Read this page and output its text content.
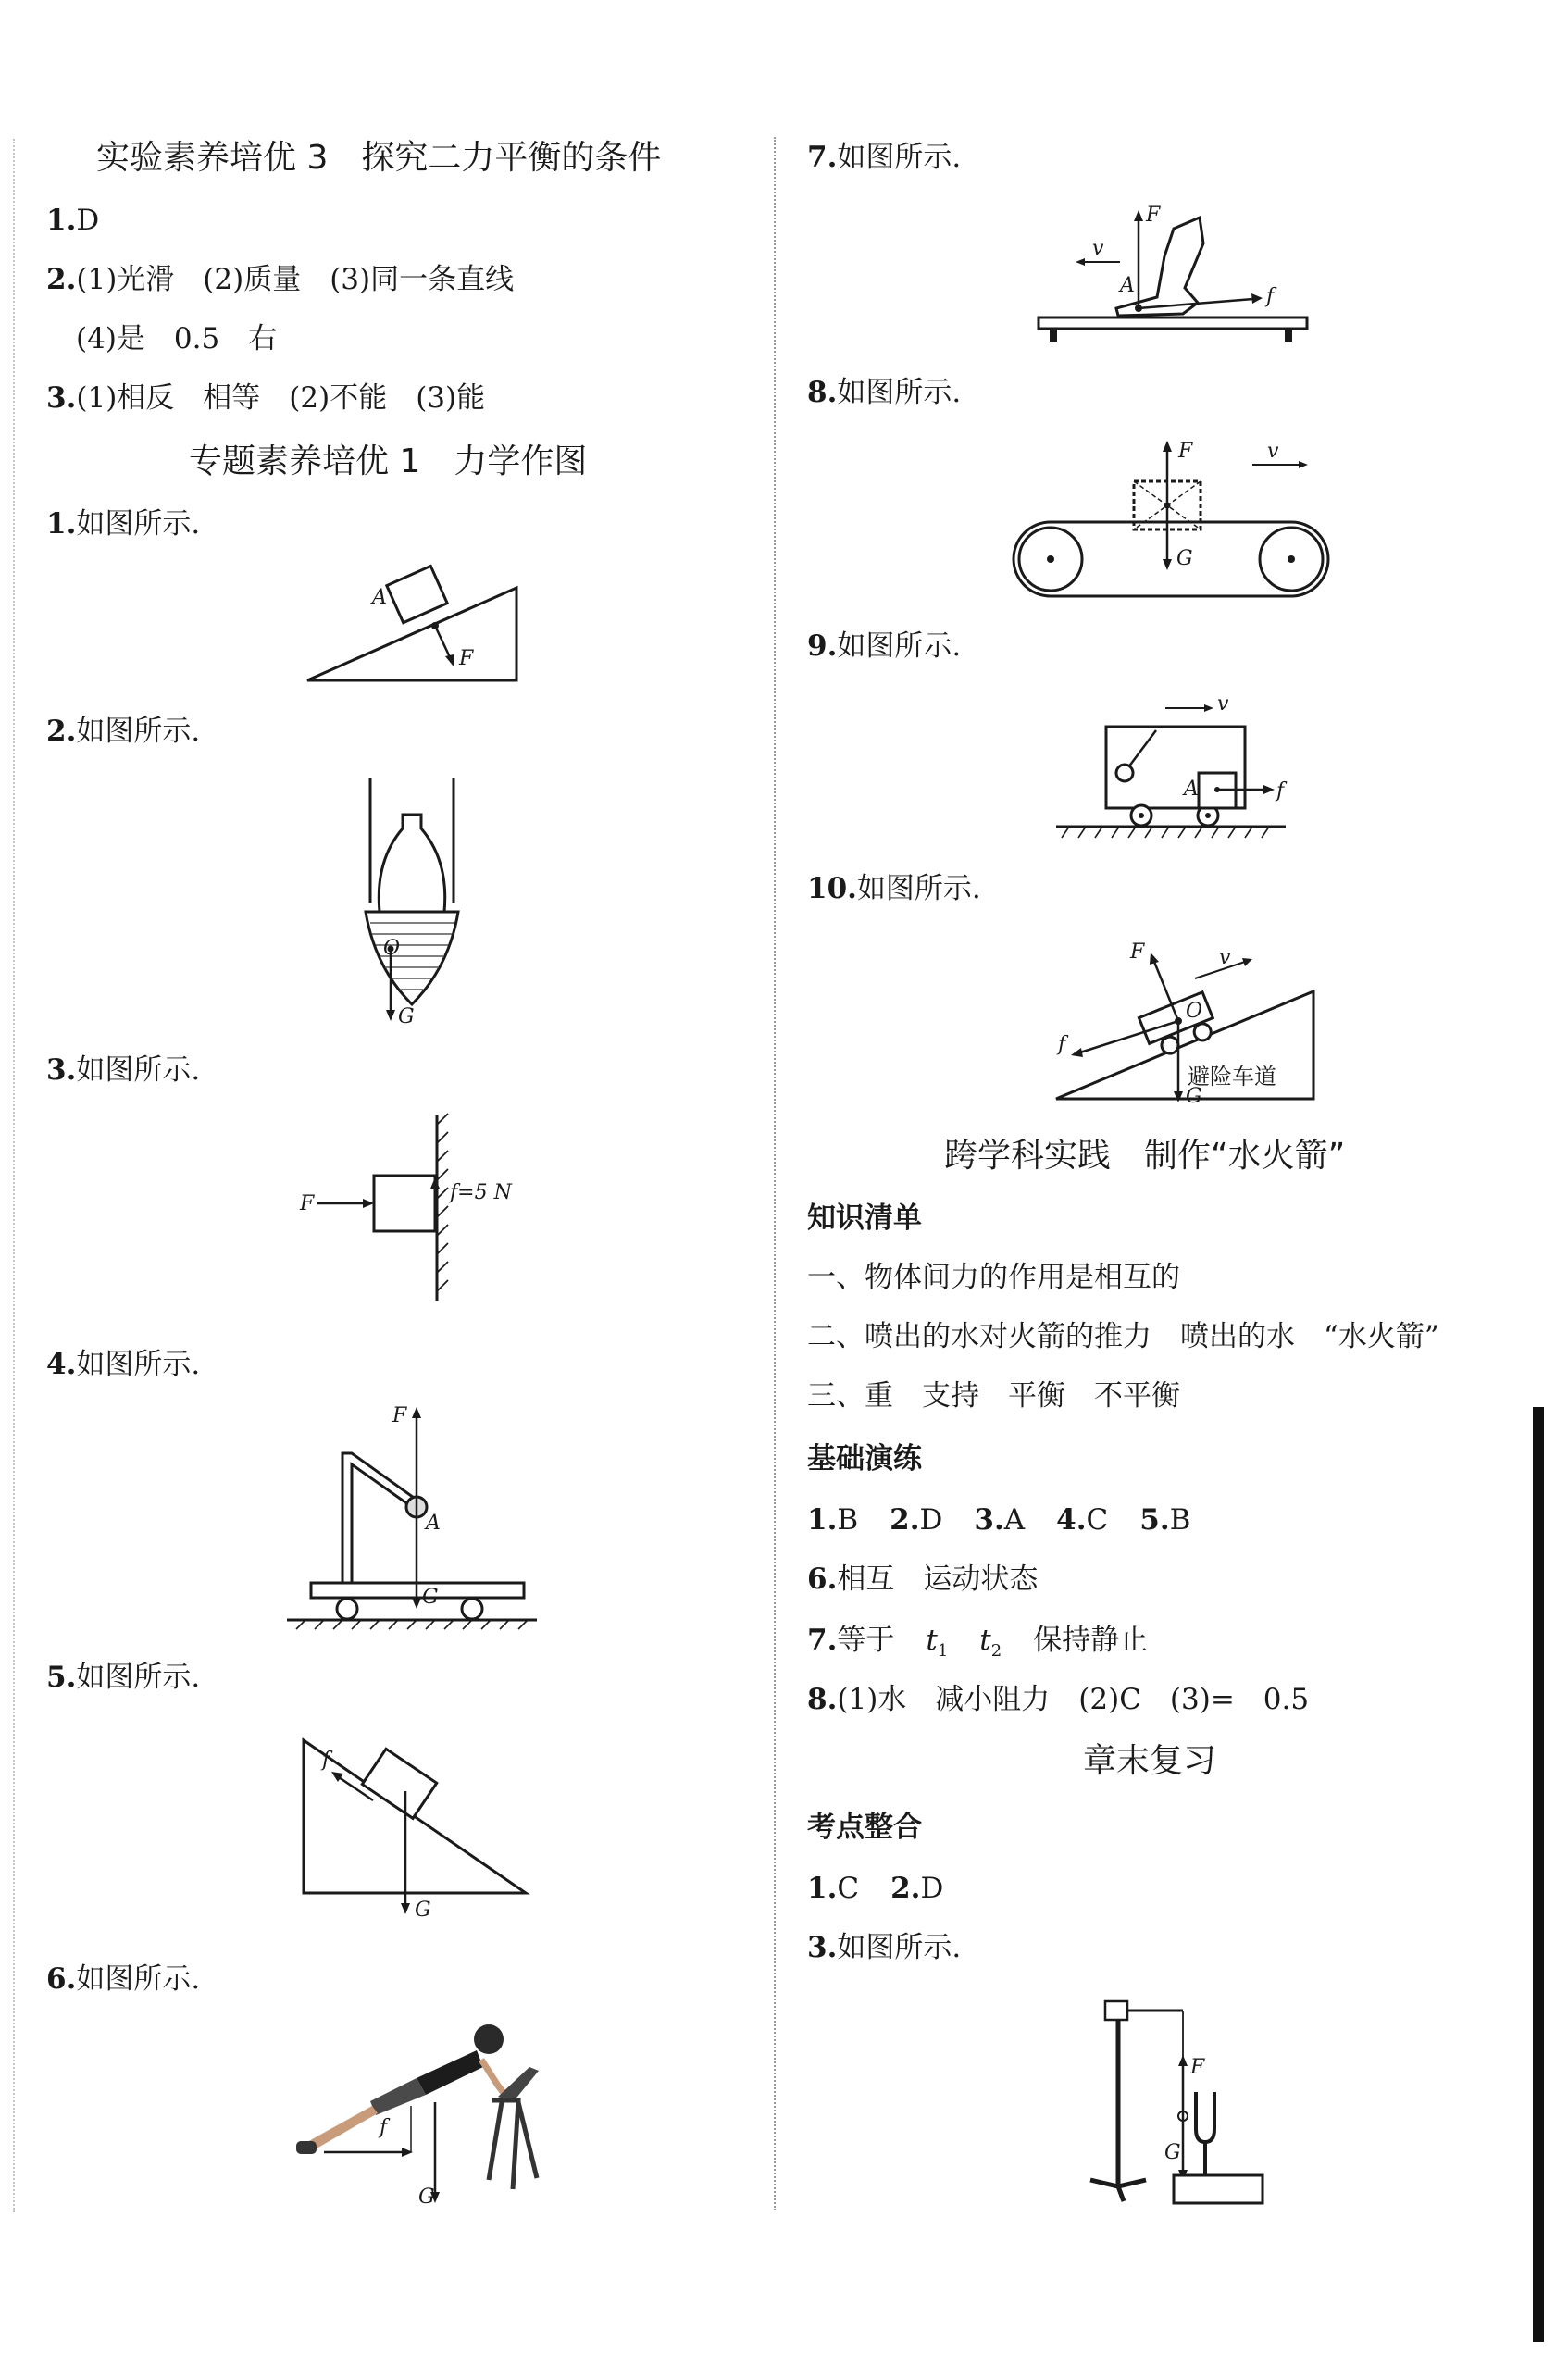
实验素养培优 3　探究二力平衡的条件
1.D
2.(1)光滑　(2)质量　(3)同一条直线
(4)是　0.5　右
3.(1)相反　相等　(2)不能　(3)能
专题素养培优 1　力学作图
1.如图所示.
2.如图所示.
3.如图所示.
4.如图所示.
5.如图所示.
6.如图所示.
A
F
O
G
F	f=5 N
F
A
G
f
G
f
G
7.如图所示.
8.如图所示.
9.如图所示.
10.如图所示.
F
v
A	f
F	v
G
A
v
f
F	v
O
f
G
避险车道
跨学科实践　制作“水火箭”
知识清单
一、物体间力的作用是相互的
二、喷出的水对火箭的推力　喷出的水　“水火箭”
三、重　支持　平衡　不平衡
基础演练
1.B 2.D 3.A 4.C 5.B
6.相互　运动状态
7.等于 $t_1$ $t_2$ 保持静止
8.(1)水　减小阻力　(2)C　(3)=　0.5
章末复习
考点整合
1.C 2.D
3.如图所示.
F
G
